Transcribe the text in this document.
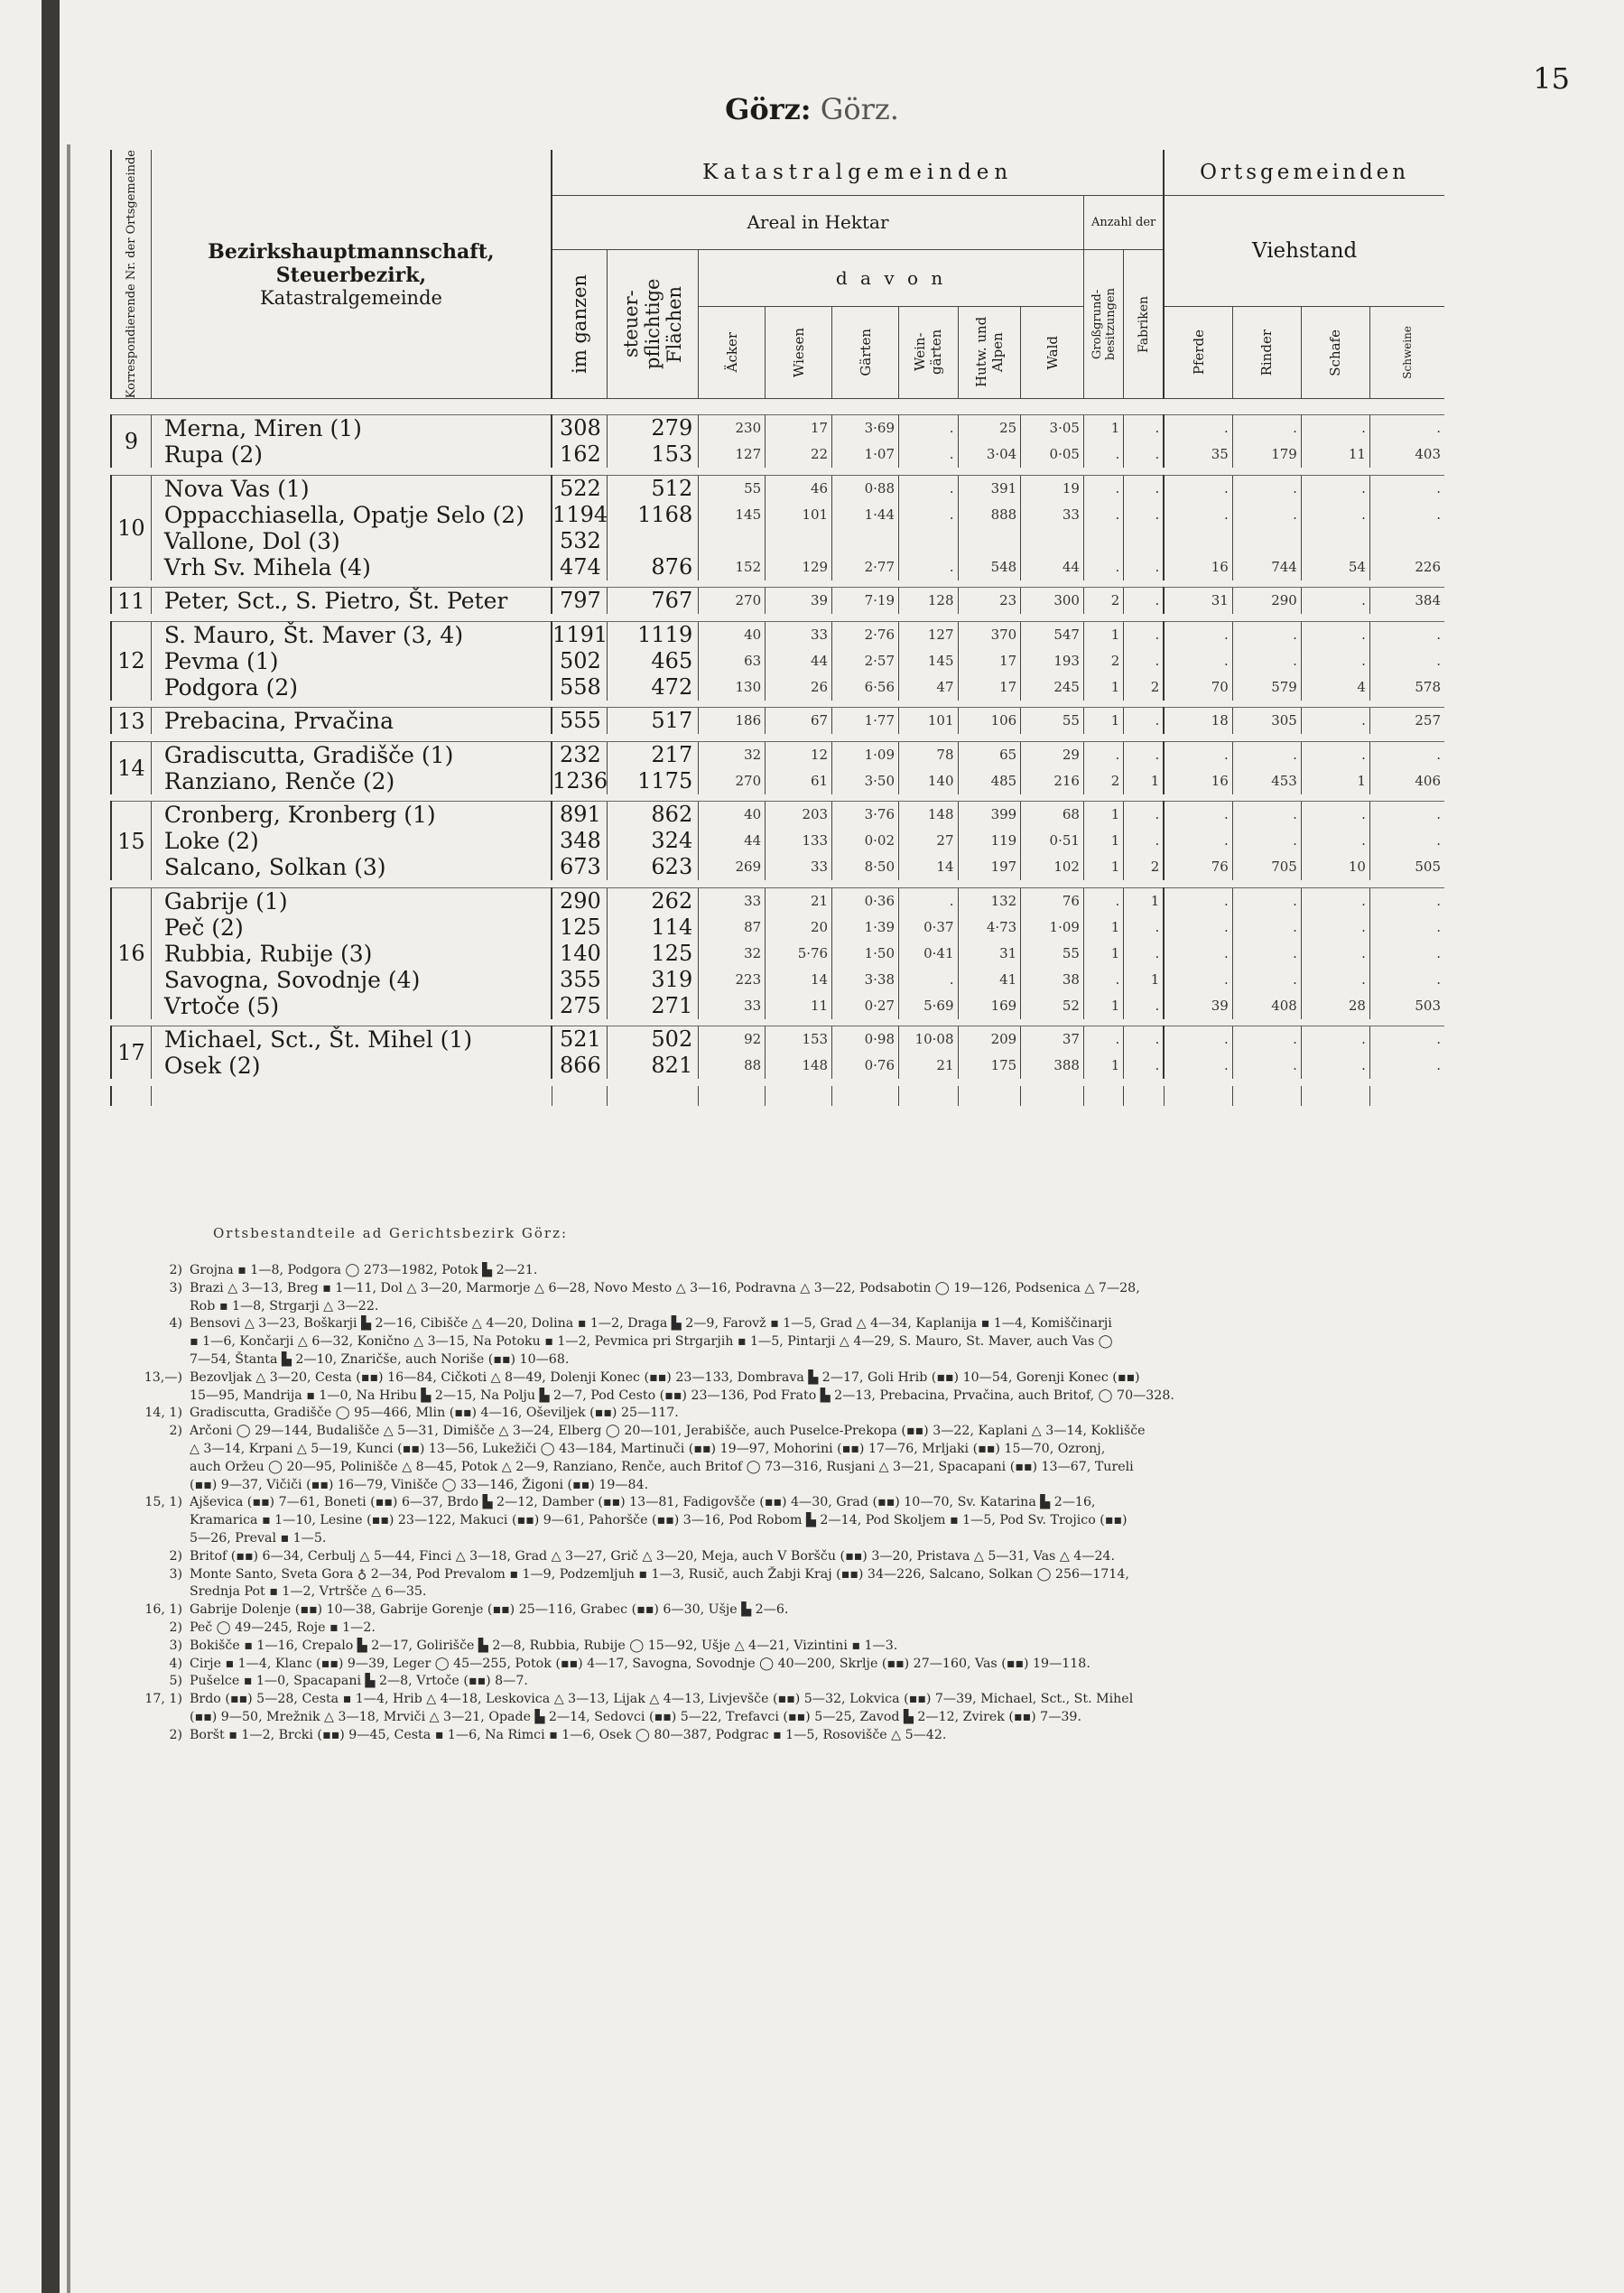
15
Görz: Görz.
Korrespondierende Nr. der Ortsgemeinde	Bezirkshauptmannschaft,
Steuerbezirk,
Katastralgemeinde	Katastralgemeinden										Ortsgemeinden			
		Areal in Hektar								Anzahl der		Viehstand			

		im ganzen	steuer-pflichtige Flächen	d a v o n						Großgrund-besitzungen	Fabriken				

				Äcker	Wiesen	Gärten	Wein-gärten	Hutw. und Alpen	Wald			Pferde	Rinder	Schafe	Schweine

9	Merna, Miren (1)	308	279	230	17	3·69	.	25	3·05	1	.	.	.	.	.
	Rupa (2)	162	153	127	22	1·07	.	3·04	0·05	.	.	35	179	11	403

10	Nova Vas (1)	522	512	55	46	0·88	.	391	19	.	.	.	.	.	.
	Oppacchiasella, Opatje Selo (2)	1194	1168	145	101	1·44	.	888	33	.	.	.	.	.	.
	Vallone, Dol (3)	532													
	Vrh Sv. Mihela (4)	474	876	152	129	2·77	.	548	44	.	.	16	744	54	226

11	Peter, Sct., S. Pietro, Št. Peter	797	767	270	39	7·19	128	23	300	2	.	31	290	.	384

12	S. Mauro, Št. Maver (3, 4)	1191	1119	40	33	2·76	127	370	547	1	.	.	.	.	.
	Pevma (1)	502	465	63	44	2·57	145	17	193	2	.	.	.	.	.
	Podgora (2)	558	472	130	26	6·56	47	17	245	1	2	70	579	4	578

13	Prebacina, Prvačina	555	517	186	67	1·77	101	106	55	1	.	18	305	.	257

14	Gradiscutta, Gradišče (1)	232	217	32	12	1·09	78	65	29	.	.	.	.	.	.
	Ranziano, Renče (2)	1236	1175	270	61	3·50	140	485	216	2	1	16	453	1	406

15	Cronberg, Kronberg (1)	891	862	40	203	3·76	148	399	68	1	.	.	.	.	.
	Loke (2)	348	324	44	133	0·02	27	119	0·51	1	.	.	.	.	.
	Salcano, Solkan (3)	673	623	269	33	8·50	14	197	102	1	2	76	705	10	505

16	Gabrije (1)	290	262	33	21	0·36	.	132	76	.	1	.	.	.	.
	Peč (2)	125	114	87	20	1·39	0·37	4·73	1·09	1	.	.	.	.	.
	Rubbia, Rubije (3)	140	125	32	5·76	1·50	0·41	31	55	1	.	.	.	.	.
	Savogna, Sovodnje (4)	355	319	223	14	3·38	.	41	38	.	1	.	.	.	.
	Vrtoče (5)	275	271	33	11	0·27	5·69	169	52	1	.	39	408	28	503

17	Michael, Sct., Št. Mihel (1)	521	502	92	153	0·98	10·08	209	37	.	.	.	.	.	.
	Osek (2)	866	821	88	148	0·76	21	175	388	1	.	.	.	.	.

Ortsbestandteile ad Gerichtsbezirk Görz:
2) Grojna ▪ 1—8, Podgora ◯ 273—1982, Potok ▙ 2—21.
3) Brazi △ 3—13, Breg ▪ 1—11, Dol △ 3—20, Marmorje △ 6—28, Novo Mesto △ 3—16, Podravna △ 3—22, Podsabotin ◯ 19—126, Podsenica △ 7—28,
Rob ▪ 1—8, Strgarji △ 3—22.
4) Bensovi △ 3—23, Boškarji ▙ 2—16, Cibišče △ 4—20, Dolina ▪ 1—2, Draga ▙ 2—9, Farovž ▪ 1—5, Grad △ 4—34, Kaplanija ▪ 1—4, Komiščinarji
▪ 1—6, Končarji △ 6—32, Koničnо △ 3—15, Na Potoku ▪ 1—2, Pevmica pri Strgarjih ▪ 1—5, Pintarji △ 4—29, S. Mauro, St. Maver, auch Vas ◯
7—54, Štanta ▙ 2—10, Znaričše, auch Noriše (▪▪) 10—68.
13,—) Bezovljak △ 3—20, Cesta (▪▪) 16—84, Cičkoti △ 8—49, Dolenji Konec (▪▪) 23—133, Dombrava ▙ 2—17, Goli Hrib (▪▪) 10—54, Gorenji Konec (▪▪)
15—95, Mandrija ▪ 1—0, Na Hribu ▙ 2—15, Na Polju ▙ 2—7, Pod Cesto (▪▪) 23—136, Pod Frato ▙ 2—13, Prebacina, Prvačina, auch Britof, ◯ 70—328.
14, 1) Gradiscutta, Gradišče ◯ 95—466, Mlin (▪▪) 4—16, Oševiljek (▪▪) 25—117.
2) Arčoni ◯ 29—144, Budališče △ 5—31, Dimišče △ 3—24, Elberg ◯ 20—101, Jerabišče, auch Puselce-Prekopa (▪▪) 3—22, Kaplani △ 3—14, Kokliščе
△ 3—14, Krpani △ 5—19, Kunci (▪▪) 13—56, Lukežiči ◯ 43—184, Martinuči (▪▪) 19—97, Mohorini (▪▪) 17—76, Mrljaki (▪▪) 15—70, Ozronj,
auch Oržeu ◯ 20—95, Polinišče △ 8—45, Potok △ 2—9, Ranziano, Renče, auch Britof ◯ 73—316, Rusjani △ 3—21, Spacapani (▪▪) 13—67, Tureli
(▪▪) 9—37, Vičiči (▪▪) 16—79, Vinišče ◯ 33—146, Žigoni (▪▪) 19—84.
15, 1) Ajševica (▪▪) 7—61, Boneti (▪▪) 6—37, Brdo ▙ 2—12, Damber (▪▪) 13—81, Fadigovšče (▪▪) 4—30, Grad (▪▪) 10—70, Sv. Katarina ▙ 2—16,
Kramarica ▪ 1—10, Lesine (▪▪) 23—122, Makuci (▪▪) 9—61, Pahoršče (▪▪) 3—16, Pod Robom ▙ 2—14, Pod Skoljem ▪ 1—5, Pod Sv. Trojico (▪▪)
5—26, Preval ▪ 1—5.
2) Britof (▪▪) 6—34, Cerbulj △ 5—44, Finci △ 3—18, Grad △ 3—27, Grič △ 3—20, Meja, auch V Boršču (▪▪) 3—20, Pristava △ 5—31, Vas △ 4—24.
3) Monte Santo, Sveta Gora ♁ 2—34, Pod Prevalom ▪ 1—9, Podzemljuh ▪ 1—3, Rusič, auch Žabji Kraj (▪▪) 34—226, Salcano, Solkan ◯ 256—1714,
Srednja Pot ▪ 1—2, Vrtršče △ 6—35.
16, 1) Gabrije Dolenje (▪▪) 10—38, Gabrije Gorenje (▪▪) 25—116, Grabec (▪▪) 6—30, Ušje ▙ 2—6.
2) Peč ◯ 49—245, Roje ▪ 1—2.
3) Bokišče ▪ 1—16, Crepalo ▙ 2—17, Golirišče ▙ 2—8, Rubbia, Rubije ◯ 15—92, Ušje △ 4—21, Vizintini ▪ 1—3.
4) Cirje ▪ 1—4, Klanc (▪▪) 9—39, Leger ◯ 45—255, Potok (▪▪) 4—17, Savogna, Sovodnje ◯ 40—200, Skrlje (▪▪) 27—160, Vas (▪▪) 19—118.
5) Pušelce ▪ 1—0, Spacapani ▙ 2—8, Vrtoče (▪▪) 8—7.
17, 1) Brdo (▪▪) 5—28, Cesta ▪ 1—4, Hrib △ 4—18, Leskovica △ 3—13, Lijak △ 4—13, Livjevšče (▪▪) 5—32, Lokvica (▪▪) 7—39, Michael, Sct., St. Mihel
(▪▪) 9—50, Mrežnik △ 3—18, Mrviči △ 3—21, Opade ▙ 2—14, Sedovci (▪▪) 5—22, Trefavci (▪▪) 5—25, Zavod ▙ 2—12, Zvirek (▪▪) 7—39.
2) Boršt ▪ 1—2, Brcki (▪▪) 9—45, Cesta ▪ 1—6, Na Rimci ▪ 1—6, Osek ◯ 80—387, Podgrac ▪ 1—5, Rosovišče △ 5—42.
